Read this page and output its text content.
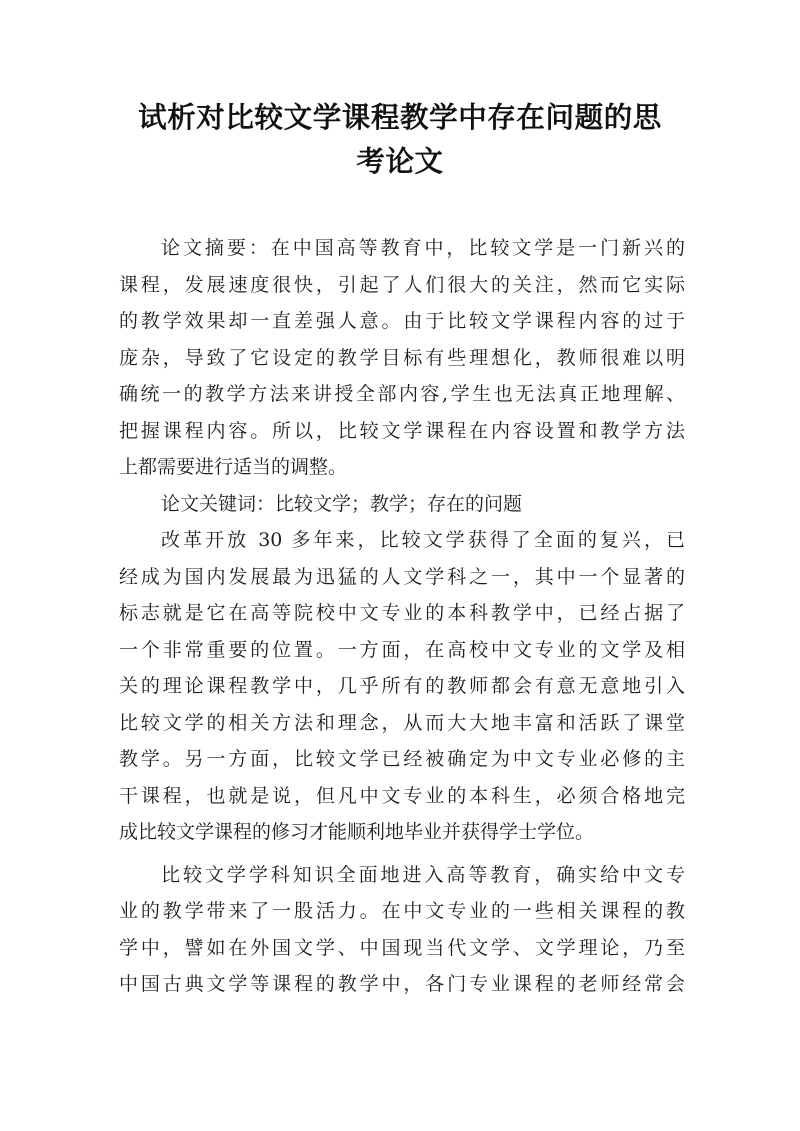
试析对比较文学课程教学中存在问题的思
考论文
论文摘要：在中国高等教育中，比较文学是一门新兴的
课程，发展速度很快，引起了人们很大的关注，然而它实际
的教学效果却一直差强人意。由于比较文学课程内容的过于
庞杂，导致了它设定的教学目标有些理想化，教师很难以明
确统一的教学方法来讲授全部内容,学生也无法真正地理解、
把握课程内容。所以，比较文学课程在内容设置和教学方法
上都需要进行适当的调整。
论文关键词：比较文学；教学；存在的问题
改革开放 30 多年来，比较文学获得了全面的复兴，已
经成为国内发展最为迅猛的人文学科之一，其中一个显著的
标志就是它在高等院校中文专业的本科教学中，已经占据了
一个非常重要的位置。一方面，在高校中文专业的文学及相
关的理论课程教学中，几乎所有的教师都会有意无意地引入
比较文学的相关方法和理念，从而大大地丰富和活跃了课堂
教学。另一方面，比较文学已经被确定为中文专业必修的主
干课程，也就是说，但凡中文专业的本科生，必须合格地完
成比较文学课程的修习才能顺利地毕业并获得学士学位。
比较文学学科知识全面地进入高等教育，确实给中文专
业的教学带来了一股活力。在中文专业的一些相关课程的教
学中，譬如在外国文学、中国现当代文学、文学理论，乃至
中国古典文学等课程的教学中，各门专业课程的老师经常会
